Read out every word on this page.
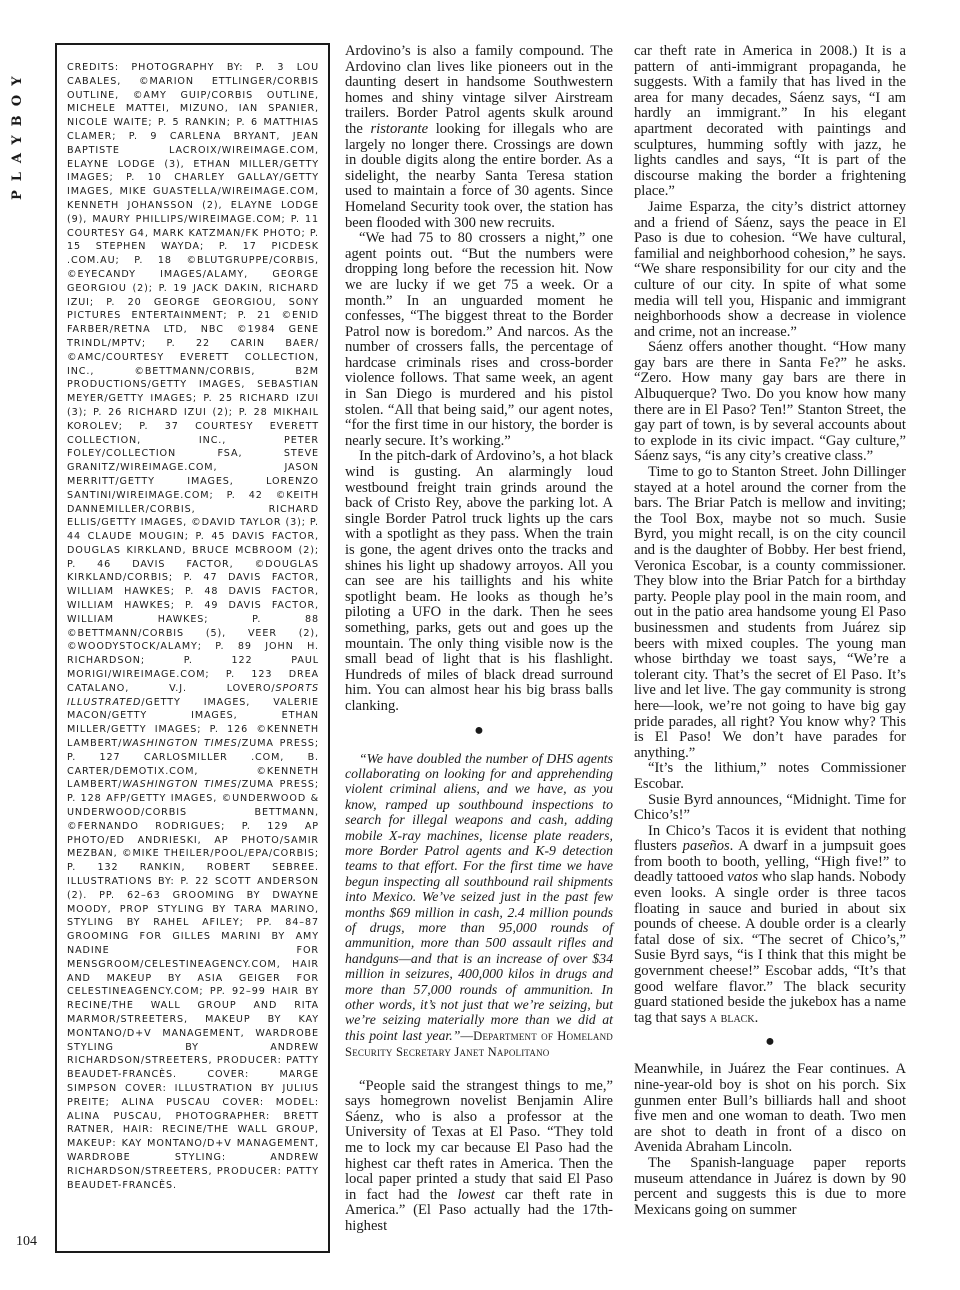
PLAYBOY

CREDITS: PHOTOGRAPHY BY: P. 3 LOU CABALES, ©MARION ETTLINGER/CORBIS OUTLINE, ©AMY GUIP/CORBIS OUTLINE, MICHELE MATTEI, MIZUNO, IAN SPANIER, NICOLE WAITE; P. 5 RANKIN; P. 6 MATTHIAS CLAMER; P. 9 CARLENA BRYANT, JEAN BAPTISTE LACROIX/WIREIMAGE.COM, ELAYNE LODGE (3), ETHAN MILLER/GETTY IMAGES; P. 10 CHARLEY GALLAY/GETTY IMAGES, MIKE GUASTELLA/WIREIMAGE.COM, KENNETH JOHANSSON (2), ELAYNE LODGE (9), MAURY PHILLIPS/WIREIMAGE.COM; P. 11 COURTESY G4, MARK KATZMAN/FK PHOTO; P. 15 STEPHEN WAYDA; P. 17 PICDESK .COM.AU; P. 18 ©BLUTGRUPPE/CORBIS, ©EYECANDY IMAGES/ALAMY, GEORGE GEORGIOU (2); P. 19 JACK DAKIN, RICHARD IZUI; P. 20 GEORGE GEORGIOU, SONY PICTURES ENTERTAINMENT; P. 21 ©ENID FARBER/RETNA LTD, NBC ©1984 GENE TRINDL/MPTV; P. 22 CARIN BAER/©AMC/COURTESY EVERETT COLLECTION, INC., ©BETTMANN/CORBIS, B2M PRODUCTIONS/GETTY IMAGES, SEBASTIAN MEYER/GETTY IMAGES; P. 25 RICHARD IZUI (3); P. 26 RICHARD IZUI (2); P. 28 MIKHAIL KOROLEV; P. 37 COURTESY EVERETT COLLECTION, INC., PETER FOLEY/COLLECTION FSA, STEVE GRANITZ/WIREIMAGE.COM, JASON MERRITT/GETTY IMAGES, LORENZO SANTINI/WIREIMAGE.COM; P. 42 ©KEITH DANNEMILLER/CORBIS, RICHARD ELLIS/GETTY IMAGES, ©DAVID TAYLOR (3); P. 44 CLAUDE MOUGIN; P. 45 DAVIS FACTOR, DOUGLAS KIRKLAND, BRUCE MCBROOM (2); P. 46 DAVIS FACTOR, ©DOUGLAS KIRKLAND/CORBIS; P. 47 DAVIS FACTOR, WILLIAM HAWKES; P. 48 DAVIS FACTOR, WILLIAM HAWKES; P. 49 DAVIS FACTOR, WILLIAM HAWKES; P. 88 ©BETTMANN/CORBIS (5), VEER (2), ©WOODYSTOCK/ALAMY; P. 89 JOHN H. RICHARDSON; P. 122 PAUL MORIGI/WIREIMAGE.COM; P. 123 DREA CATALANO, V.J. LOVERO/SPORTS ILLUSTRATED/GETTY IMAGES, VALERIE MACON/GETTY IMAGES, ETHAN MILLER/GETTY IMAGES; P. 126 ©KENNETH LAMBERT/WASHINGTON TIMES/ZUMA PRESS; P. 127 CARLOSMILLER .COM, B. CARTER/DEMOTIX.COM, ©KENNETH LAMBERT/WASHINGTON TIMES/ZUMA PRESS; P. 128 AFP/GETTY IMAGES, ©UNDERWOOD & UNDERWOOD/CORBIS BETTMANN, ©FERNANDO RODRIGUES; P. 129 AP PHOTO/ED ANDRIESKI, AP PHOTO/SAMIR MEZBAN, ©MIKE THEILER/POOL/EPA/CORBIS; P. 132 RANKIN, ROBERT SEBREE. ILLUSTRATIONS BY: P. 22 SCOTT ANDERSON (2). PP. 62–63 GROOMING BY DWAYNE MOODY, PROP STYLING BY TARA MARINO, STYLING BY RAHEL AFILEY; PP. 84–87 GROOMING FOR GILLES MARINI BY AMY NADINE FOR MENSGROOM/CELESTINEAGENCY.COM, HAIR AND MAKEUP BY ASIA GEIGER FOR CELESTINEAGENCY.COM; PP. 92–99 HAIR BY RECINE/THE WALL GROUP AND RITA MARMOR/STREETERS, MAKEUP BY KAY MONTANO/D+V MANAGEMENT, WARDROBE STYLING BY ANDREW RICHARDSON/STREETERS, PRODUCER: PATTY BEAUDET-FRANCÈS. COVER: MARGE SIMPSON COVER: ILLUSTRATION BY JULIUS PREITE; ALINA PUSCAU COVER: MODEL: ALINA PUSCAU, PHOTOGRAPHER: BRETT RATNER, HAIR: RECINE/THE WALL GROUP, MAKEUP: KAY MONTANO/D+V MANAGEMENT, WARDROBE STYLING: ANDREW RICHARDSON/STREETERS, PRODUCER: PATTY BEAUDET-FRANCÈS.

104

Ardovino’s is also a family compound. The Ardovino clan lives like pioneers out in the daunting desert in handsome Southwestern homes and shiny vintage silver Airstream trailers. Border Patrol agents skulk around the ristorante looking for illegals who are largely no longer there. Crossings are down in double digits along the entire border. As a sidelight, the nearby Santa Teresa station used to maintain a force of 30 agents. Since Homeland Security took over, the station has been flooded with 300 new recruits.

“We had 75 to 80 crossers a night,” one agent points out. “But the numbers were dropping long before the recession hit. Now we are lucky if we get 75 a week. Or a month.” In an unguarded moment he confesses, “The biggest threat to the Border Patrol now is boredom.” And narcos. As the number of crossers falls, the percentage of hardcase criminals rises and cross-border violence follows. That same week, an agent in San Diego is murdered and his pistol stolen. “All that being said,” our agent notes, “for the first time in our history, the border is nearly secure. It’s working.”

In the pitch-dark of Ardovino’s, a hot black wind is gusting. An alarmingly loud westbound freight train grinds around the back of Cristo Rey, above the parking lot. A single Border Patrol truck lights up the cars with a spotlight as they pass. When the train is gone, the agent drives onto the tracks and shines his light up shadowy arroyos. All you can see are his taillights and his white spotlight beam. He looks as though he’s piloting a UFO in the dark. Then he sees something, parks, gets out and goes up the mountain. The only thing visible now is the small bead of light that is his flashlight. Hundreds of miles of black dread surround him. You can almost hear his big brass balls clanking.

●

“We have doubled the number of DHS agents collaborating on looking for and apprehending violent criminal aliens, and we have, as you know, ramped up southbound inspections to search for illegal weapons and cash, adding mobile X-ray machines, license plate readers, more Border Patrol agents and K-9 detection teams to that effort. For the first time we have begun inspecting all southbound rail shipments into Mexico. We’ve seized just in the past few months $69 million in cash, 2.4 million pounds of drugs, more than 95,000 rounds of ammunition, more than 500 assault rifles and handguns—and that is an increase of over $34 million in seizures, 400,000 kilos in drugs and more than 57,000 rounds of ammunition. In other words, it’s not just that we’re seizing, but we’re seizing materially more than we did at this point last year.”—Department of Homeland Security Secretary Janet Napolitano

“People said the strangest things to me,” says homegrown novelist Benjamin Alire Sáenz, who is also a professor at the University of Texas at El Paso. “They told me to lock my car because El Paso had the highest car theft rates in America. Then the local paper printed a study that said El Paso in fact had the lowest car theft rate in America.” (El Paso actually had the 17th-highest

car theft rate in America in 2008.) It is a pattern of anti-immigrant propaganda, he suggests. With a family that has lived in the area for many decades, Sáenz says, “I am hardly an immigrant.” In his elegant apartment decorated with paintings and sculptures, humming softly with jazz, he lights candles and says, “It is part of the discourse making the border a frightening place.”

Jaime Esparza, the city’s district attorney and a friend of Sáenz, says the peace in El Paso is due to cohesion. “We have cultural, familial and neighborhood cohesion,” he says. “We share responsibility for our city and the culture of our city. In spite of what some media will tell you, Hispanic and immigrant neighborhoods show a decrease in violence and crime, not an increase.”

Sáenz offers another thought. “How many gay bars are there in Santa Fe?” he asks. “Zero. How many gay bars are there in Albuquerque? Two. Do you know how many there are in El Paso? Ten!” Stanton Street, the gay part of town, is by several accounts about to explode in its civic impact. “Gay culture,” Sáenz says, “is any city’s creative class.”

Time to go to Stanton Street. John Dillinger stayed at a hotel around the corner from the bars. The Briar Patch is mellow and inviting; the Tool Box, maybe not so much. Susie Byrd, you might recall, is on the city council and is the daughter of Bobby. Her best friend, Veronica Escobar, is a county commissioner. They blow into the Briar Patch for a birthday party. People play pool in the main room, and out in the patio area handsome young El Paso businessmen and students from Juárez sip beers with mixed couples. The young man whose birthday we toast says, “We’re a tolerant city. That’s the secret of El Paso. It’s live and let live. The gay community is strong here—look, we’re not going to have big gay pride parades, all right? You know why? This is El Paso! We don’t have parades for anything.”

“It’s the lithium,” notes Commissioner Escobar.

Susie Byrd announces, “Midnight. Time for Chico’s!”

In Chico’s Tacos it is evident that nothing flusters paseños. A dwarf in a jumpsuit goes from booth to booth, yelling, “High five!” to deadly tattooed vatos who slap hands. Nobody even looks. A single order is three tacos floating in sauce and buried in about six pounds of cheese. A double order is a clearly fatal dose of six. “The secret of Chico’s,” Susie Byrd says, “is I think that this might be government cheese!” Escobar adds, “It’s that good welfare flavor.” The black security guard stationed beside the jukebox has a name tag that says a black.

●

Meanwhile, in Juárez the Fear continues. A nine-year-old boy is shot on his porch. Six gunmen enter Bull’s billiards hall and shoot five men and one woman to death. Two men are shot to death in front of a disco on Avenida Abraham Lincoln.

The Spanish-language paper reports museum attendance in Juárez is down by 90 percent and suggests this is due to more Mexicans going on summer
